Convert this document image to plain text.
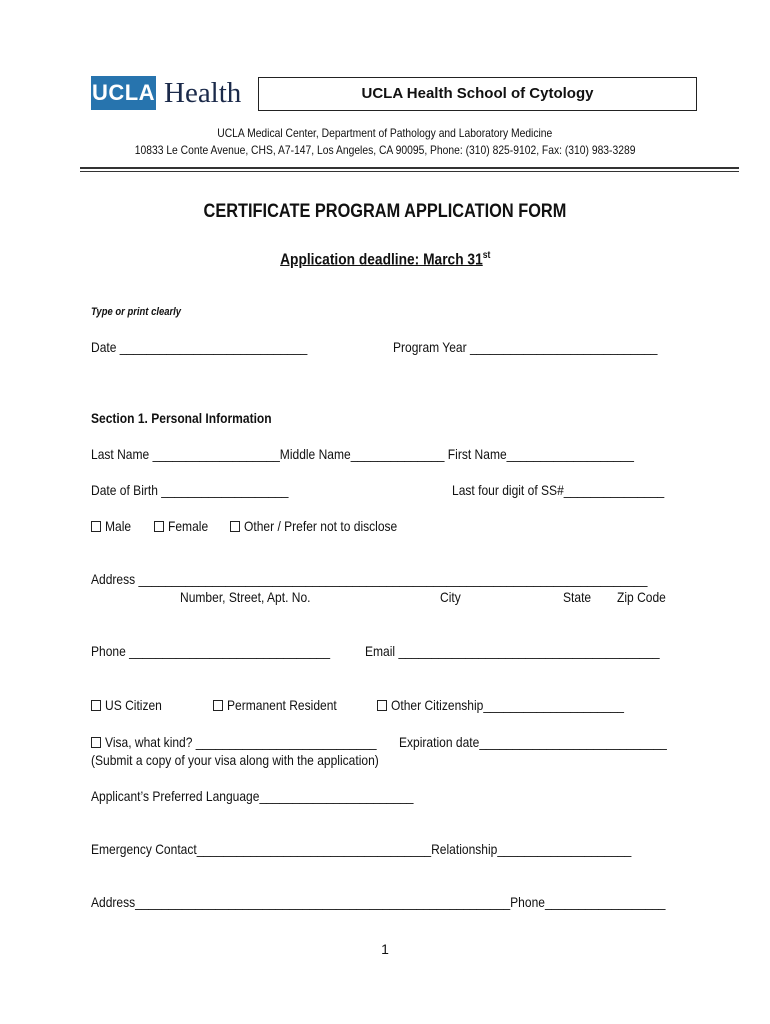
UCLA Health	UCLA Health School of Cytology
UCLA Medical Center, Department of Pathology and Laboratory Medicine
10833 Le Conte Avenue, CHS, A7-147, Los Angeles, CA 90095, Phone: (310) 825-9102, Fax: (310) 983-3289
CERTIFICATE PROGRAM APPLICATION FORM
Application deadline: March 31st
Type or print clearly
Date ____________________________	Program Year ____________________________
Section 1. Personal Information
Last Name ___________________Middle Name______________ First Name___________________
Date of Birth ___________________	Last four digit of SS#_______________
Male	Female	Other / Prefer not to disclose
Address ____________________________________________________________________________
Number, Street, Apt. No.	City	State	Zip Code
Phone ______________________________	Email _______________________________________
US Citizen	Permanent Resident	Other Citizenship_____________________
Visa, what kind? ___________________________	Expiration date____________________________
(Submit a copy of your visa along with the application)
Applicant’s Preferred Language_______________________
Emergency Contact___________________________________Relationship____________________
Address________________________________________________________Phone__________________
1
